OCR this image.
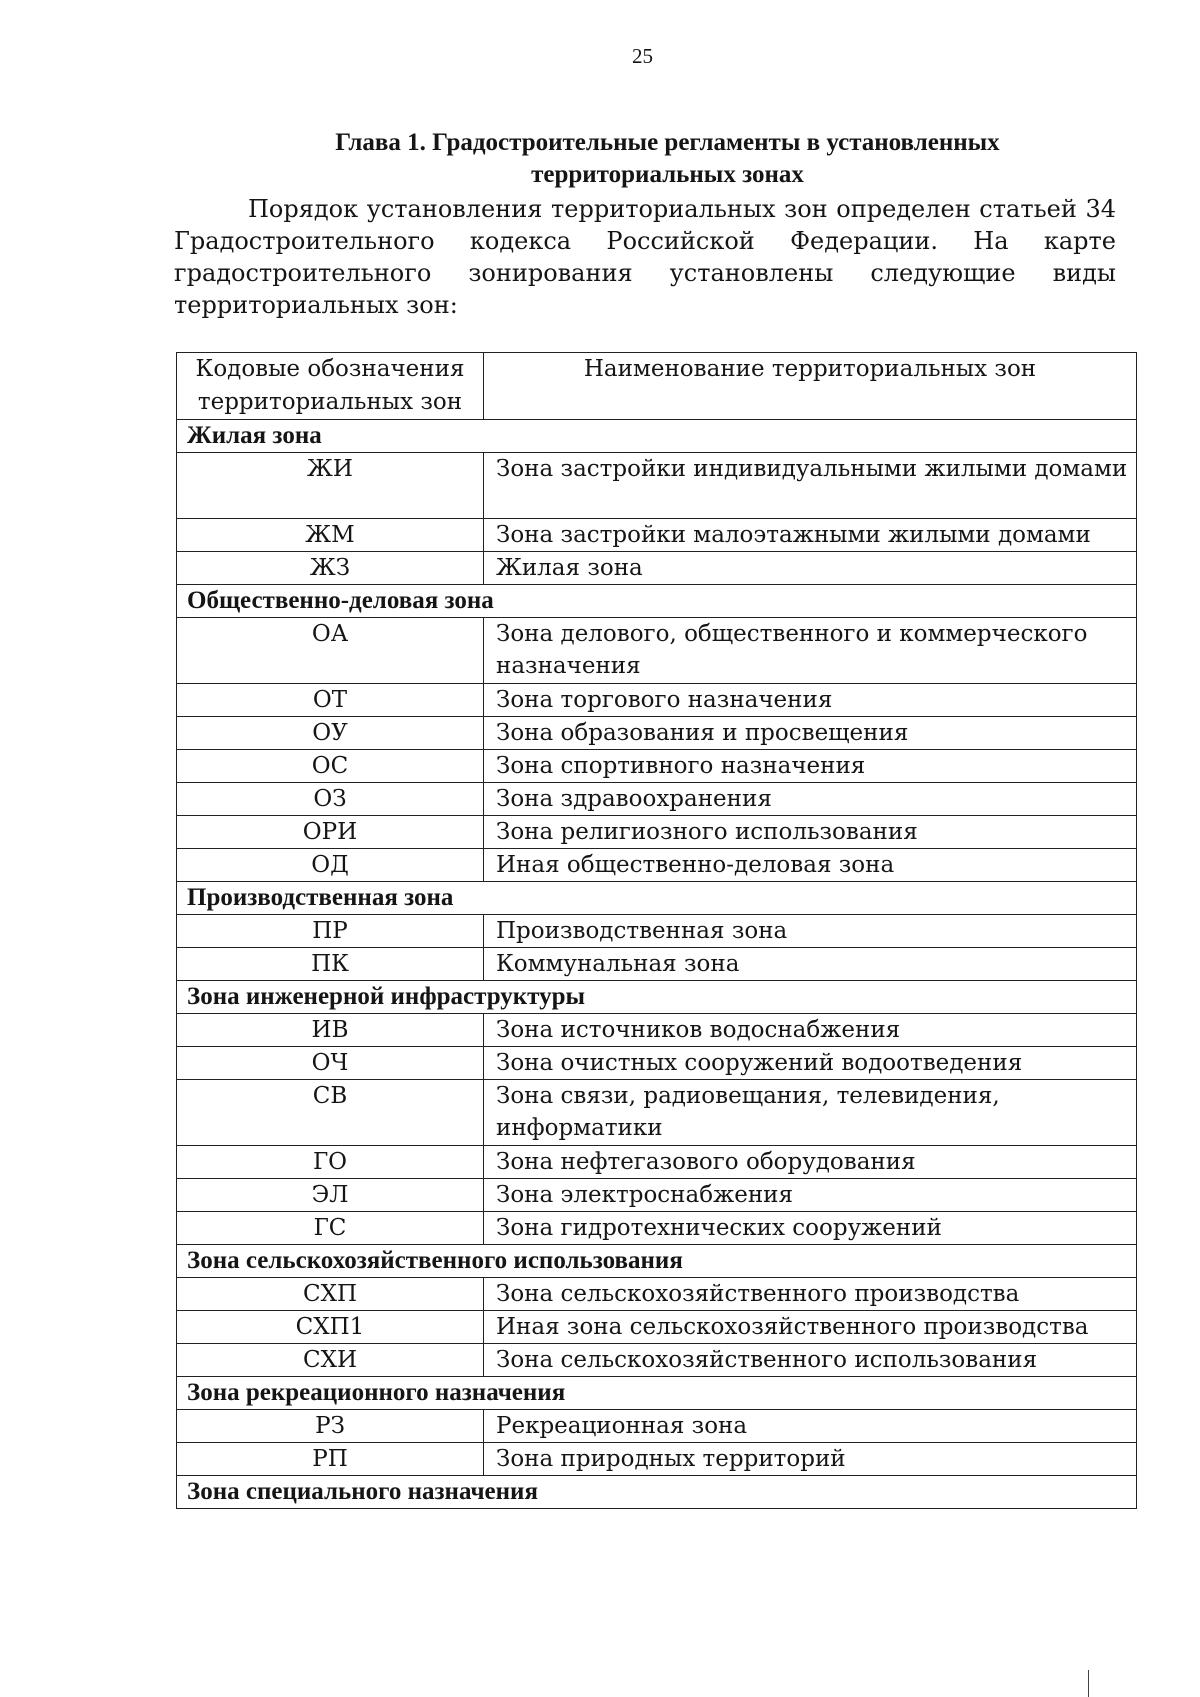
25
Глава 1. Градостроительные регламенты в установленных территориальных зонах
Порядок установления территориальных зон определен статьей 34 Градостроительного кодекса Российской Федерации. На карте градостроительного зонирования установлены следующие виды территориальных зон:
Кодовые обозначения территориальных зон	Наименование территориальных зон
Жилая зона	
ЖИ	Зона застройки индивидуальными жилыми домами
ЖМ	Зона застройки малоэтажными жилыми домами
ЖЗ	Жилая зона
Общественно-деловая зона	
ОА	Зона делового, общественного и коммерческого назначения
ОТ	Зона торгового назначения
ОУ	Зона образования и просвещения
ОС	Зона спортивного назначения
ОЗ	Зона здравоохранения
ОРИ	Зона религиозного использования
ОД	Иная общественно-деловая зона
Производственная зона	
ПР	Производственная зона
ПК	Коммунальная зона
Зона инженерной инфраструктуры	
ИВ	Зона источников водоснабжения
ОЧ	Зона очистных сооружений водоотведения
СВ	Зона связи, радиовещания, телевидения, информатики
ГО	Зона нефтегазового оборудования
ЭЛ	Зона электроснабжения
ГС	Зона гидротехнических сооружений
Зона сельскохозяйственного использования	
СХП	Зона сельскохозяйственного производства
СХП1	Иная зона сельскохозяйственного производства
СХИ	Зона сельскохозяйственного использования
Зона рекреационного назначения	
РЗ	Рекреационная зона
РП	Зона природных территорий
Зона специального назначения	
